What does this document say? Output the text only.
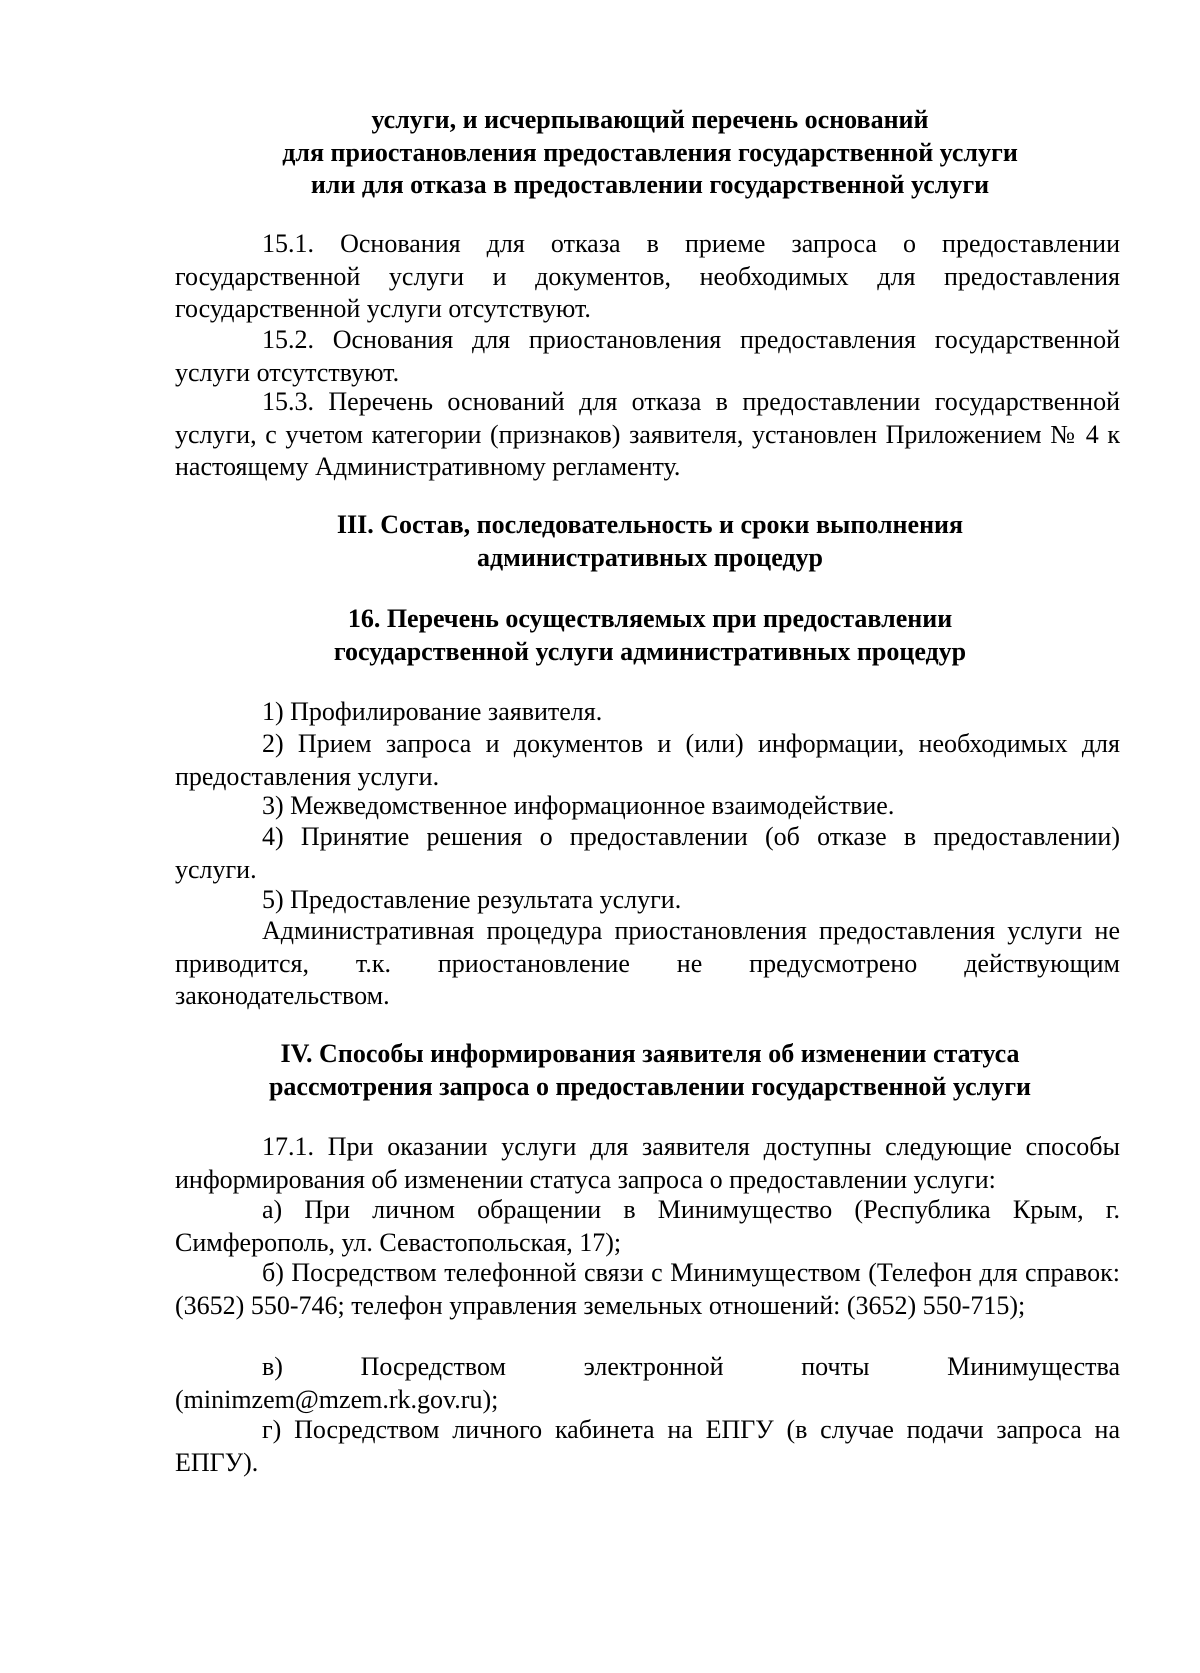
услуги, и исчерпывающий перечень оснований
для приостановления предоставления государственной услуги
или для отказа в предоставлении государственной услуги

15.1. Основания для отказа в приеме запроса о предоставлении государственной услуги и документов, необходимых для предоставления государственной услуги отсутствуют.

15.2. Основания для приостановления предоставления государственной услуги отсутствуют.

15.3. Перечень оснований для отказа в предоставлении государственной услуги, с учетом категории (признаков) заявителя, установлен Приложением № 4 к настоящему Административному регламенту.

III. Состав, последовательность и сроки выполнения
административных процедур
16. Перечень осуществляемых при предоставлении
государственной услуги административных процедур

1) Профилирование заявителя.

2) Прием запроса и документов и (или) информации, необходимых для предоставления услуги.

3) Межведомственное информационное взаимодействие.

4) Принятие решения о предоставлении (об отказе в предоставлении) услуги.

5) Предоставление результата услуги.

Административная процедура приостановления предоставления услуги не приводится, т.к. приостановление не предусмотрено действующим законодательством.

IV. Способы информирования заявителя об изменении статуса
рассмотрения запроса о предоставлении государственной услуги

17.1. При оказании услуги для заявителя доступны следующие способы информирования об изменении статуса запроса о предоставлении услуги:

а) При личном обращении в Минимущество (Республика Крым, г. Симферополь, ул. Севастопольская, 17);

б) Посредством телефонной связи с Минимуществом (Телефон для справок: (3652) 550-746; телефон управления земельных отношений: (3652) 550-715);

в) Посредством электронной почты Минимущества (minimzem@mzem.rk.gov.ru);

г) Посредством личного кабинета на ЕПГУ (в случае подачи запроса на ЕПГУ).
